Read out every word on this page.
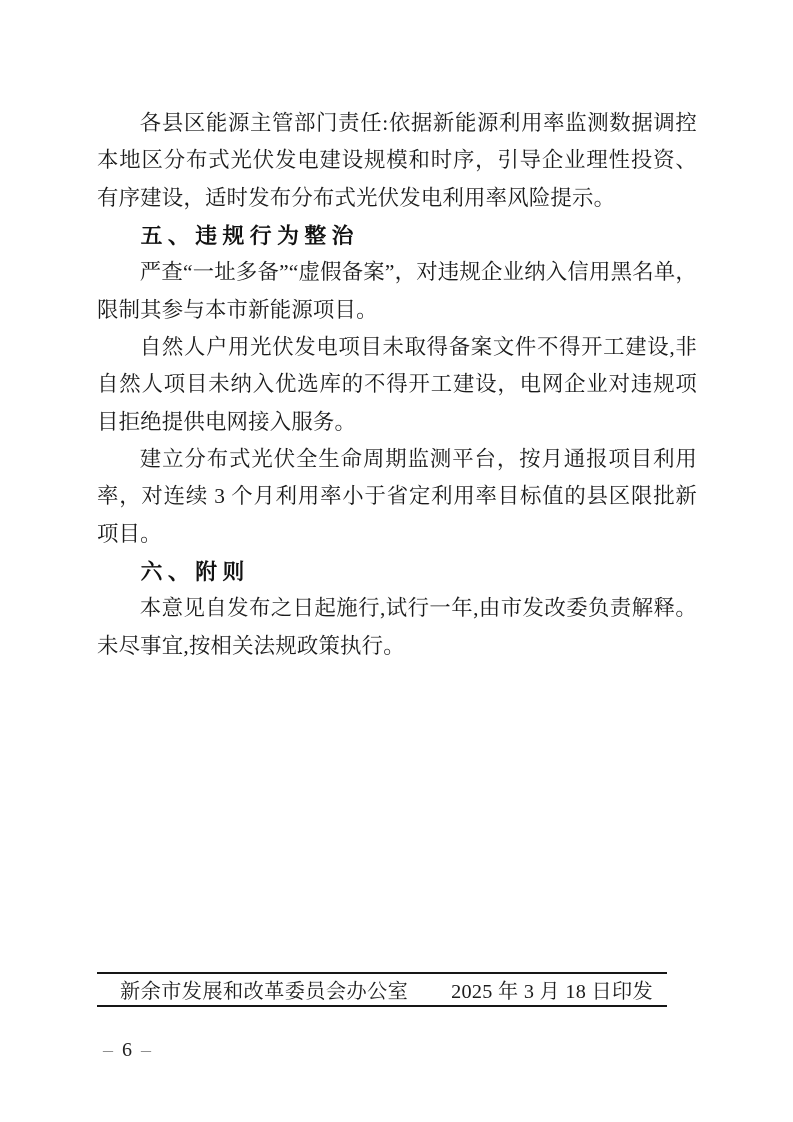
各县区能源主管部门责任:依据新能源利用率监测数据调控本地区分布式光伏发电建设规模和时序，引导企业理性投资、有序建设，适时发布分布式光伏发电利用率风险提示。

五、违规行为整治

严查“一址多备”“虚假备案”，对违规企业纳入信用黑名单，限制其参与本市新能源项目。

自然人户用光伏发电项目未取得备案文件不得开工建设,非自然人项目未纳入优选库的不得开工建设，电网企业对违规项目拒绝提供电网接入服务。

建立分布式光伏全生命周期监测平台，按月通报项目利用率，对连续 3 个月利用率小于省定利用率目标值的县区限批新项目。

六、附则

本意见自发布之日起施行,试行一年,由市发改委负责解释。未尽事宜,按相关法规政策执行。

新余市发展和改革委员会办公室 2025 年 3 月 18 日印发
– 6 –
